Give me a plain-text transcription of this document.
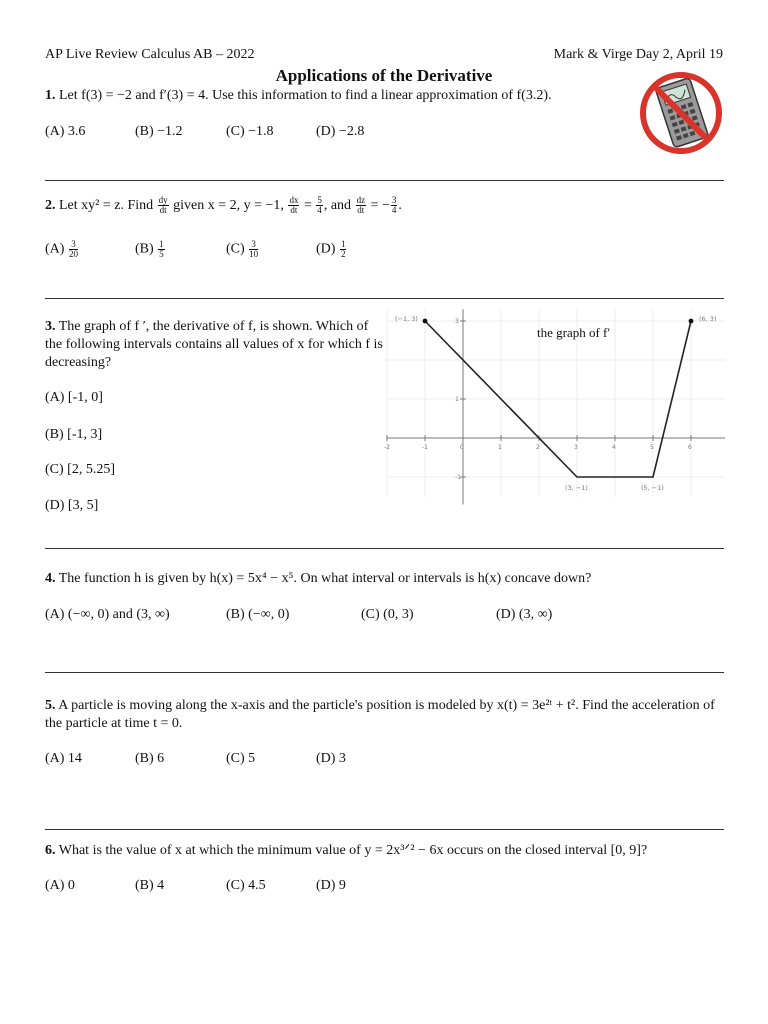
AP Live Review Calculus AB – 2022	Mark & Virge Day 2, April 19
Applications of the Derivative
1. Let f(3) = −2 and f′(3) = 4. Use this information to find a linear approximation of f(3.2).
(A) 3.6	(B) −1.2	(C) −1.8	(D) −2.8
2. Let xy² = z. Find $\frac{dy}{dt}$ given x = 2, y = −1, $\frac{dx}{dt} = \frac{5}{4}$ , and $\frac{dz}{dt}$ = − $\frac{3}{4}$ .
$(A) \frac{3}{20}$	$(B) \frac{1}{5}$	$(C) \frac{3}{10}$	$(D) \frac{1}{2}$
3. The graph of f ′, the derivative of f, is shown. Which of the following intervals contains all values of x for which f is decreasing?
(A) [-1, 0]
(B) [-1, 3]
(C) [2, 5.25]
(D) [3, 5]
-2	-1	0	1	2	3	4	5	6
3
1
-1
(−1, 3)
(3, −1)	(5, −1)
(6, 3)
the graph of f′
4. The function h is given by h(x) = 5x⁴ − x⁵. On what interval or intervals is h(x) concave down?
(A) (−∞, 0) and (3, ∞)	(B) (−∞, 0)	(C) (0, 3)	(D) (3, ∞)
5. A particle is moving along the x-axis and the particle's position is modeled by x(t) = 3e²ᵗ + t². Find the acceleration of the particle at time t = 0.
(A) 14	(B) 6	(C) 5	(D) 3
6. What is the value of x at which the minimum value of y = 2x³ᐟ² − 6x occurs on the closed interval [0, 9]?
(A) 0	(B) 4	(C) 4.5	(D) 9
